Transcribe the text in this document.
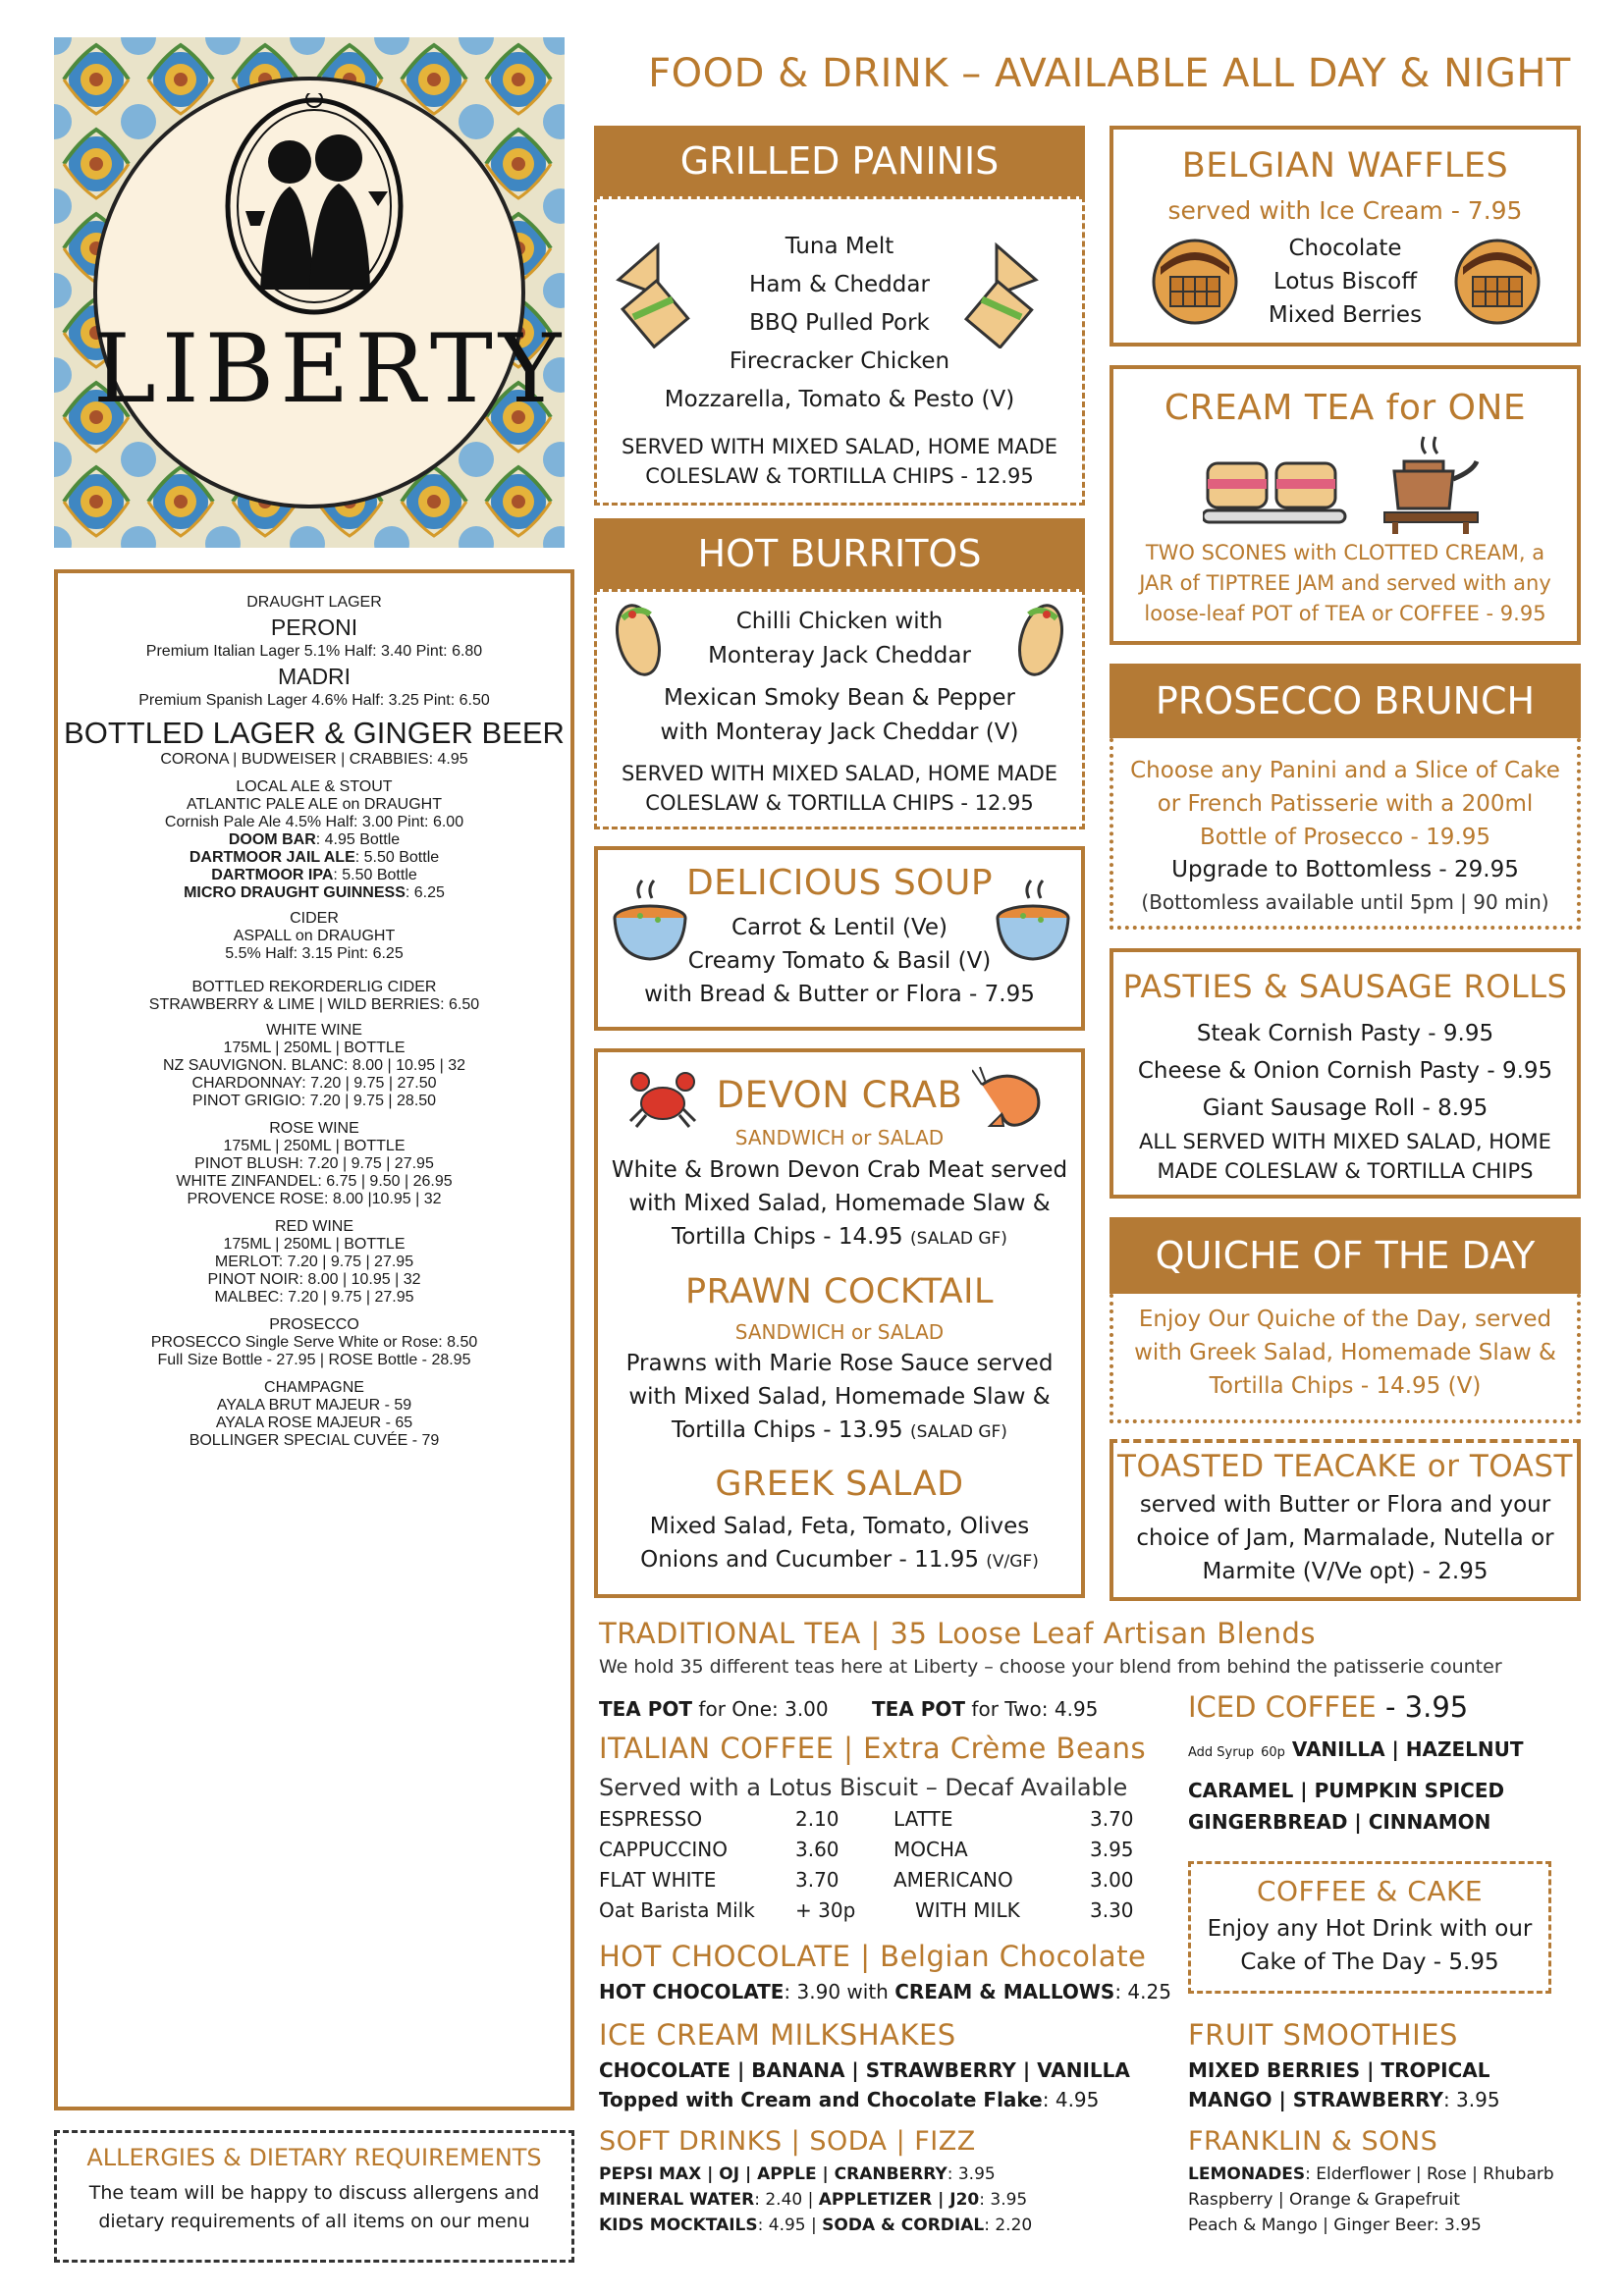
FOOD & DRINK – AVAILABLE ALL DAY & NIGHT
LIBERTY
GRILLED PANINIS
Tuna Melt
Ham & Cheddar
BBQ Pulled Pork
Firecracker Chicken
Mozzarella, Tomato & Pesto (V)
SERVED WITH MIXED SALAD, HOME MADE
COLESLAW & TORTILLA CHIPS - 12.95
HOT BURRITOS
Chilli Chicken with
Monteray Jack Cheddar
Mexican Smoky Bean & Pepper
with Monteray Jack Cheddar (V)
SERVED WITH MIXED SALAD, HOME MADE
COLESLAW & TORTILLA CHIPS - 12.95
DELICIOUS SOUP
Carrot & Lentil (Ve)
Creamy Tomato & Basil (V)
with Bread & Butter or Flora - 7.95
DEVON CRAB
SANDWICH or SALAD
White & Brown Devon Crab Meat served
with Mixed Salad, Homemade Slaw &
Tortilla Chips - 14.95 (SALAD GF)
PRAWN COCKTAIL
SANDWICH or SALAD
Prawns with Marie Rose Sauce served
with Mixed Salad, Homemade Slaw &
Tortilla Chips - 13.95 (SALAD GF)
GREEK SALAD
Mixed Salad, Feta, Tomato, Olives
Onions and Cucumber - 11.95 (V/GF)
BELGIAN WAFFLES
served with Ice Cream - 7.95
Chocolate
Lotus Biscoff
Mixed Berries
CREAM TEA for ONE
TWO SCONES with CLOTTED CREAM, a
JAR of TIPTREE JAM and served with any
loose-leaf POT of TEA or COFFEE - 9.95
PROSECCO BRUNCH
Choose any Panini and a Slice of Cake
or French Patisserie with a 200ml
Bottle of Prosecco - 19.95
Upgrade to Bottomless - 29.95
(Bottomless available until 5pm | 90 min)
PASTIES & SAUSAGE ROLLS
Steak Cornish Pasty - 9.95
Cheese & Onion Cornish Pasty - 9.95
Giant Sausage Roll - 8.95
ALL SERVED WITH MIXED SALAD, HOME
MADE COLESLAW & TORTILLA CHIPS
QUICHE OF THE DAY
Enjoy Our Quiche of the Day, served
with Greek Salad, Homemade Slaw &
Tortilla Chips - 14.95 (V)
TOASTED TEACAKE or TOAST
served with Butter or Flora and your
choice of Jam, Marmalade, Nutella or
Marmite (V/Ve opt) - 2.95
DRAUGHT LAGER
PERONI
Premium Italian Lager 5.1% Half: 3.40 Pint: 6.80
MADRI
Premium Spanish Lager 4.6% Half: 3.25 Pint: 6.50
BOTTLED LAGER & GINGER BEER
CORONA | BUDWEISER | CRABBIES: 4.95
LOCAL ALE & STOUT
ATLANTIC PALE ALE on DRAUGHT
Cornish Pale Ale 4.5% Half: 3.00 Pint: 6.00
DOOM BAR: 4.95 Bottle
DARTMOOR JAIL ALE: 5.50 Bottle
DARTMOOR IPA: 5.50 Bottle
MICRO DRAUGHT GUINNESS: 6.25
CIDER
ASPALL on DRAUGHT
5.5% Half: 3.15 Pint: 6.25
BOTTLED REKORDERLIG CIDER
STRAWBERRY & LIME | WILD BERRIES: 6.50
WHITE WINE
175ML | 250ML | BOTTLE
NZ SAUVIGNON. BLANC: 8.00 | 10.95 | 32
CHARDONNAY: 7.20 | 9.75 | 27.50
PINOT GRIGIO: 7.20 | 9.75 | 28.50
ROSE WINE
175ML | 250ML | BOTTLE
PINOT BLUSH: 7.20 | 9.75 | 27.95
WHITE ZINFANDEL: 6.75 | 9.50 | 26.95
PROVENCE ROSE: 8.00 |10.95 | 32
RED WINE
175ML | 250ML | BOTTLE
MERLOT: 7.20 | 9.75 | 27.95
PINOT NOIR: 8.00 | 10.95 | 32
MALBEC: 7.20 | 9.75 | 27.95
PROSECCO
PROSECCO Single Serve White or Rose: 8.50
Full Size Bottle - 27.95 | ROSE Bottle - 28.95
CHAMPAGNE
AYALA BRUT MAJEUR - 59
AYALA ROSE MAJEUR - 65
BOLLINGER SPECIAL CUVÉE - 79
ALLERGIES & DIETARY REQUIREMENTS
The team will be happy to discuss allergens and
dietary requirements of all items on our menu
TRADITIONAL TEA | 35 Loose Leaf Artisan Blends
We hold 35 different teas here at Liberty – choose your blend from behind the patisserie counter
TEA POT for One: 3.00 TEA POT for Two: 4.95
ITALIAN COFFEE | Extra Crème Beans
Served with a Lotus Biscuit – Decaf Available
ESPRESSO	2.10	LATTE	3.70
CAPPUCCINO	3.60	MOCHA	3.95
FLAT WHITE	3.70	AMERICANO	3.00
Oat Barista Milk + 30p	WITH MILK	3.30
HOT CHOCOLATE | Belgian Chocolate
HOT CHOCOLATE: 3.90 with CREAM & MALLOWS: 4.25
ICE CREAM MILKSHAKES
CHOCOLATE | BANANA | STRAWBERRY | VANILLA
Topped with Cream and Chocolate Flake: 4.95
SOFT DRINKS | SODA | FIZZ
PEPSI MAX | OJ | APPLE | CRANBERRY: 3.95
MINERAL WATER: 2.40 | APPLETIZER | J20: 3.95
KIDS MOCKTAILS: 4.95 | SODA & CORDIAL: 2.20
ICED COFFEE - 3.95
Add Syrup 60p VANILLA | HAZELNUT
CARAMEL | PUMPKIN SPICED
GINGERBREAD | CINNAMON
COFFEE & CAKE
Enjoy any Hot Drink with our
Cake of The Day - 5.95
FRUIT SMOOTHIES
MIXED BERRIES | TROPICAL
MANGO | STRAWBERRY: 3.95
FRANKLIN & SONS
LEMONADES: Elderflower | Rose | Rhubarb
Raspberry | Orange & Grapefruit
Peach & Mango | Ginger Beer: 3.95
